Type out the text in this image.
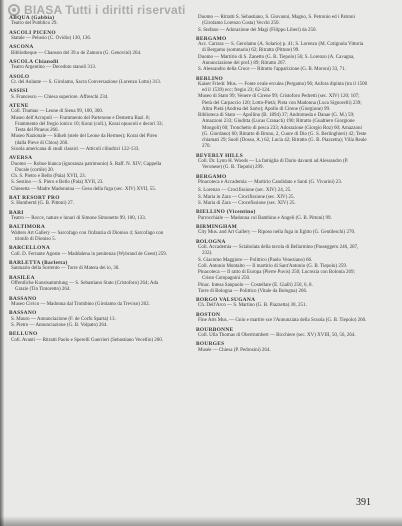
BIASA Tutti i diritti riservati
ABQUA (Gabbia)
Teatro del Pubblico 29.
ASCOLI PICENO
Statale — Pelusio (C. Ovidio) 130, 136.
ASCONA
Bibliotheque — Chanson del 39.o de Zamora (G. Genovini) 264.
ASCOLA Chianolli
Teatro Argentino — Deceduto stanoli 313.
ASOLO
Cr. del Aulante — S. Girolamo, Sacra Conversazione (Lorenzo Lotto) 313.
ASSISI
S. Francesco — Chiesa superiore. Affreschi 234.
ATENE
Coll. Thumas — Leone di Siena 99, 100, 360.
Museo dell'Acropoli — Frammento del Partenone e Demetra Bazl. 8; Frammento del fregio ionico 10; Korai (coll.), Korai opuscoli e decori 33; Testa del Piraeus 266.
Museo Nazionale — Silkeh (stele del Leone da Hermes); Korai del Pireo (dalla Pieve di Chios) 266.
Scuola americana di studi classici — Atticoli cilindrici 122-133.
AVERSA
Duomo — Roboe bianca (ignoranza patrimonio) S. Raff. N. XIV; Cappella Ducale (cortile) 20.
Ch. S. Pietro e Bello (Pala) XVII, 23.
S. Sestino — S. Piero e Bello (Pala) XVII, 23.
Chiesetta — Madre Madonnina — Gesu della fuga (sec. XIV) XVII, 55.
BAT RESORT PRO
S. Humbertd (G. B. Pittoni) 27.
BARI
Teatro — Rocce, nature e lunari di Simone Simonetto 99, 100, 133.
BALTIMORA
Walters Art Gallery — Sarcofago con l'infanzia di Dioniso 4; Sarcofago con trionfo di Dioniso 5.
BARCELLONA
Coll. D. Ferrante Agosto — Maddalena in penitenza (Wybrand de Geest) 259.
BARLETTA (Barletta)
Santuario della Sorrento — Torre di Matera dei io, 30.
BASILEA
Offentliche Kunstsammlung — S. Sebastiano Stato (Cristoforo) 264; Ada Grazie (Tin Tintoretto) 264.
BASSANO
Museo Civico — Madonna dal Trombino (Girolamo da Treviso) 262.
BASSANO
S. Mauro — Annunciazione (F. de Corfu Sparta) 13.
S. Pietro — Annunciazione (G. B. Volpato) 264.
BELLUNO
Coll. Avanti — Ritratti Paolo e Sperelli Guerrieri (Sebastiano Vecellio) 260.
Duomo — Ritratti S. Sebastiano, S. Giovanni, Magno, S. Petronio ed i Patroni (Girolamo Lorenzo Costa) Vecchi 250.
S. Stefano — Adorazione dei Magi (Filippo Liberi) da 250.
BERGAMO
Acc. Carrara — S. Gerolamo (A. Solario) p. 41; S. Lorenzo (M. Cotignola Vittoria di Bergamo (sommario) 62; Ritratto (Pittore) 99.
Duomo — Martirio di S. Zanetto (G. B. Tiepolo) 56; S. Lorenzo (A. Cavagna, Annunciazione del prof.) 89; Ritratto 267.
S. Alessandro della Croce — Ritratto l'apparizione (G. B. Moroni) 33, 71.
BERLINO
Kaiser Friedr. Mus. — Fonte ovale erculea (Pergamo) 96; Anfora dipinta (tra il 1500 ed il 1539) ecc; fregio 23; 62-124.
Museo di Stato 99; Venere di Cirene 99; Cristoforo Pedretti (sec. XIV) 120; 107; Pietà del Carpaccio 120; Lotto-Pietà; Pieta con Madonna (Luca Signorelli) 239; Altra Pietà (Andrea del Sarto); Apollo di Cirene (Giorgione) 99.
Biblioteca di Stato — Apollino (B. 1894) 37; Andromeda e Danae (G. M.) 59; Amazzoni 233; Giuditta (Lucas Cranach) 190; Ritratto (Gualtiero Giorgione Mongoli) 60; Tronchetto di pesca 233; Adorazione (Giorgio Roz) 60; Amazzoni (G. Giordano) 60; Ritratto di Bruno, 2, Cuore di Dio (G. S. Berlinghieri) 42; Teste chiamati 29; Suoli (Dosso, A.) 62, Lucia 42; Ritratto (G. B. Piazzetta); Villa Reale 270.
BEVERLY HILLS
Coll. Dr. Lynn H. Woods — La famiglia di Dario davanti ad Alessandro (P. Veronese) (G. B. Tiepolo) 299.
BERGAMO
Pinacoteca e Accademia — Martirio Candidato e Santi (G. Vivarini) 23.
S. Lorenzo — Crocifissione (sec. XIV) 24, 25.
S. Maria in Zara — Crocifissione (sec. XIV) 25.
S. Maria di Zara — Crocefissione (sec. XIV) 25.
BIELLINO (Vicentino)
Parrocchiale — Madonna col Bambino e Angeli (G. B. Pittoni) 99.
BIRMINGHAM
City Mus. and Art Gallery — Riposo nella fuga in Egitto (G. Gentileschi) 270.
BOLOGNA
Coll. Accademia — Sciabolata della tavola di Bellarmino (Passeggero 246, 287, 232).
S. Giacomo Maggiore — Polittico (Paolo Veneziano) 66.
Coll. Antonio Montalto — Il martirio di Sant'Antonio (G. B. Tiepolo) 259.
Pinacoteca — Il ratto di Europa (Pierre Puvis) 250; Lucrezia con Bolonia 269; Cristo Compagnini 250.
Pinac. Intesa Sanpaolo — Costellare (E. Gialli) 250, 6, 8.
Torre di Bologna — Polittico (Vitale da Bologna) 266.
BORGO VALSUGANA
Ch. Dell'Arco — S. Martino (G. B. Piazzetta) 30, 251.
BOSTON
Fine Arts Mus. — Gnio e martire sce l'Annunziata della Scuola (G. B. Tiepolo) 260.
BOURBONNE
Coll. Ulla Thomas di Obertrumbert — Bicchiere (sec. XV) XVIII, 50, 56, 264.
BOURGES
Musée — Chiesa (P. Pedrosini) 264.
391
